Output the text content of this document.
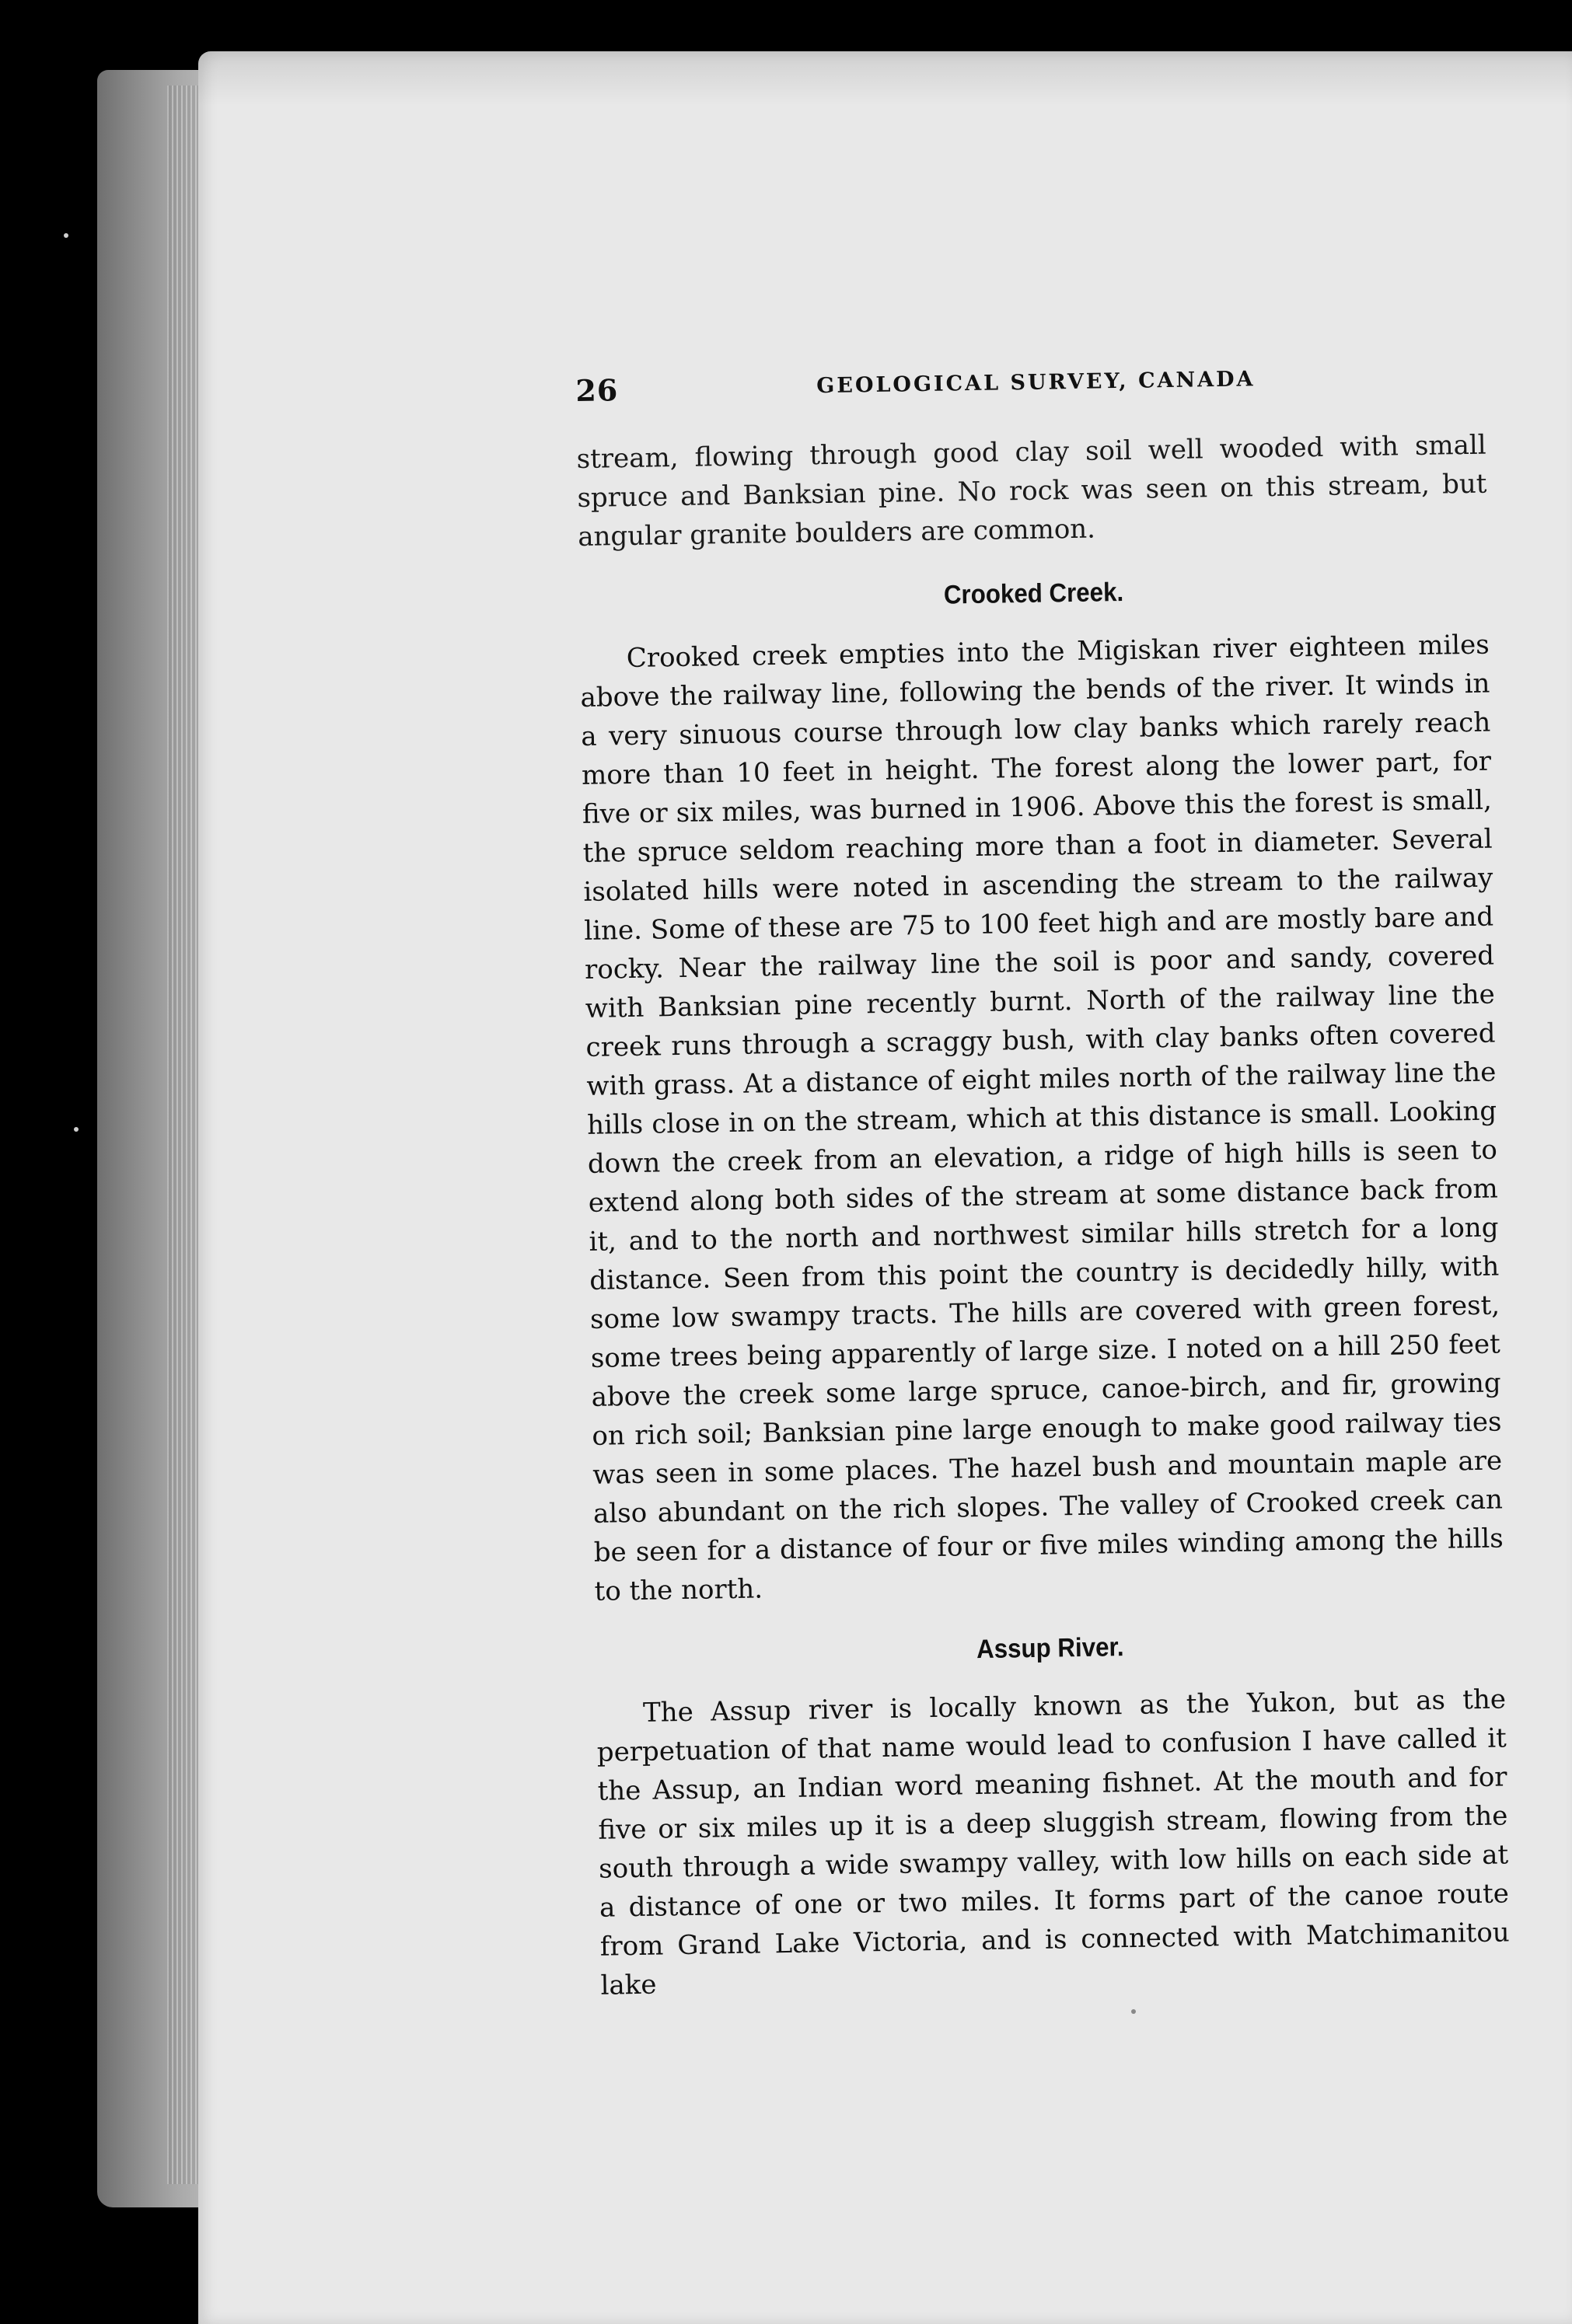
26	GEOLOGICAL SURVEY, CANADA

stream, flowing through good clay soil well wooded with small spruce and Banksian pine. No rock was seen on this stream, but angular granite boulders are common.

Crooked Creek.

Crooked creek empties into the Migiskan river eighteen miles above the railway line, following the bends of the river. It winds in a very sinuous course through low clay banks which rarely reach more than 10 feet in height. The forest along the lower part, for five or six miles, was burned in 1906. Above this the forest is small, the spruce seldom reaching more than a foot in diameter. Several isolated hills were noted in ascending the stream to the railway line. Some of these are 75 to 100 feet high and are mostly bare and rocky. Near the railway line the soil is poor and sandy, covered with Banksian pine recently burnt. North of the railway line the creek runs through a scraggy bush, with clay banks often covered with grass. At a distance of eight miles north of the railway line the hills close in on the stream, which at this distance is small. Looking down the creek from an elevation, a ridge of high hills is seen to extend along both sides of the stream at some distance back from it, and to the north and northwest similar hills stretch for a long distance. Seen from this point the country is decidedly hilly, with some low swampy tracts. The hills are covered with green forest, some trees being apparently of large size. I noted on a hill 250 feet above the creek some large spruce, canoe-birch, and fir, growing on rich soil; Banksian pine large enough to make good railway ties was seen in some places. The hazel bush and mountain maple are also abundant on the rich slopes. The valley of Crooked creek can be seen for a distance of four or five miles winding among the hills to the north.

Assup River.

The Assup river is locally known as the Yukon, but as the perpetuation of that name would lead to confusion I have called it the Assup, an Indian word meaning fishnet. At the mouth and for five or six miles up it is a deep sluggish stream, flowing from the south through a wide swampy valley, with low hills on each side at a distance of one or two miles. It forms part of the canoe route from Grand Lake Victoria, and is connected with Matchimanitou lake
